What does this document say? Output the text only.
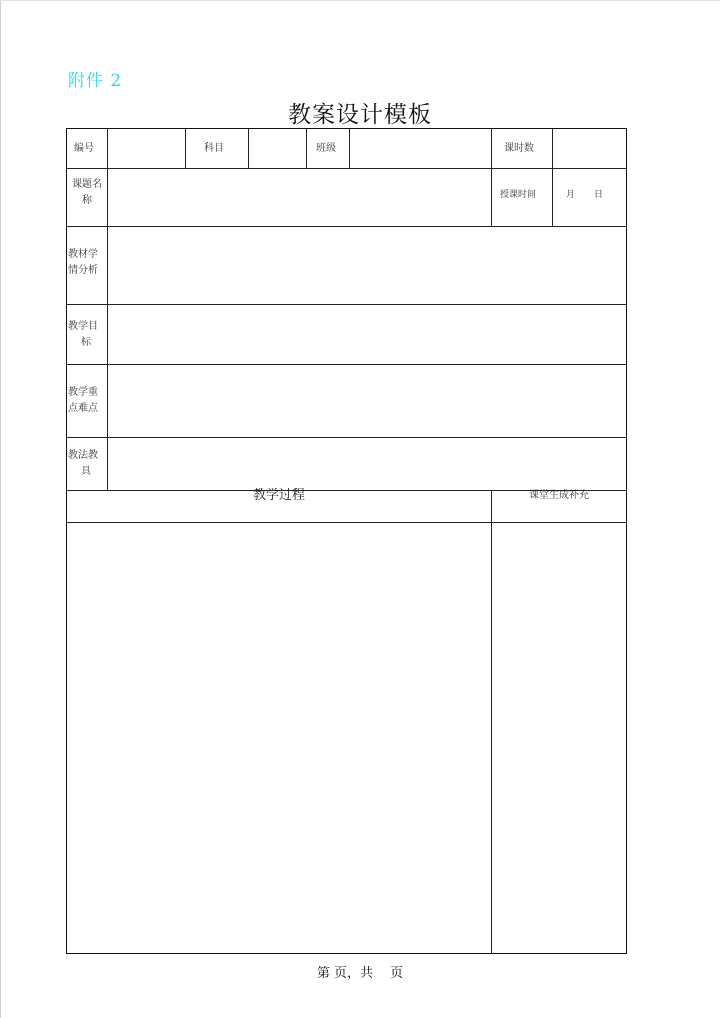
附件 2
教案设计模板
编号	科目	班级	课时数
课题名
称	授课时间	月 日
教材学
情分析
教学目
标
教学重
点难点
教法教
具
教学过程	课堂生成补充
第 页，共　 页
